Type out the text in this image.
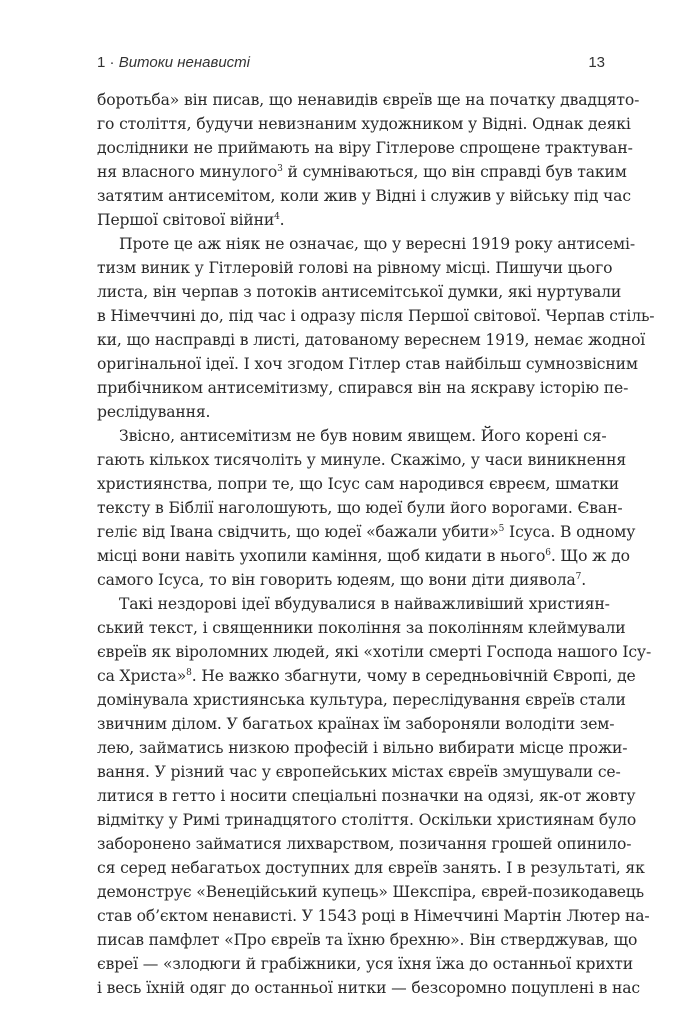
1 · Витоки ненависті	13
боротьба» він писав, що ненавидів євреїв ще на початку двадцято-
го століття, будучи невизнаним художником у Відні. Однак деякі
дослідники не приймають на віру Гітлерове спрощене трактуван-
ня власного минулого$^3$ й сумніваються, що він справді був таким
затятим антисемітом, коли жив у Відні і служив у війську під час
Першої світової війни$^4$.
Проте це аж ніяк не означає, що у вересні 1919 року антисемі-
тизм виник у Гітлеровій голові на рівному місці. Пишучи цього
листа, він черпав з потоків антисемітської думки, які нуртували
в Німеччині до, під час і одразу після Першої світової. Черпав стіль-
ки, що насправді в листі, датованому вереснем 1919, немає жодної
оригінальної ідеї. І хоч згодом Гітлер став найбільш сумнозвісним
прибічником антисемітизму, спирався він на яскраву історію пе-
реслідування.
Звісно, антисемітизм не був новим явищем. Його корені ся-
гають кількох тисячоліть у минуле. Скажімо, у часи виникнення
християнства, попри те, що Ісус сам народився євреєм, шматки
тексту в Біблії наголошують, що юдеї були його ворогами. Єван-
геліє від Івана свідчить, що юдеї «бажали убити»$^5$ Ісуса. В одному
місці вони навіть ухопили каміння, щоб кидати в нього$^6$. Що ж до
самого Ісуса, то він говорить юдеям, що вони діти диявола$^7$.
Такі нездорові ідеї вбудувалися в найважливіший християн-
ський текст, і священники покоління за поколінням клеймували
євреїв як віроломних людей, які «хотіли смерті Господа нашого Ісу-
са Христа»$^8$. Не важко збагнути, чому в середньовічній Європі, де
домінувала християнська культура, переслідування євреїв стали
звичним ділом. У багатьох країнах їм забороняли володіти зем-
лею, займатись низкою професій і вільно вибирати місце прожи-
вання. У різний час у європейських містах євреїв змушували се-
литися в гетто і носити спеціальні позначки на одязі, як-от жовту
відмітку у Римі тринадцятого століття. Оскільки християнам було
заборонено займатися лихварством, позичання грошей опинило-
ся серед небагатьох доступних для євреїв занять. І в результаті, як
демонструє «Венеційський купець» Шекспіра, єврей-позикодавець
став об’єктом ненависті. У 1543 році в Німеччині Мартін Лютер на-
писав памфлет «Про євреїв та їхню брехню». Він стверджував, що
євреї — «злодюги й грабіжники, уся їхня їжа до останньої крихти
і весь їхній одяг до останньої нитки — безсоромно поцуплені в нас
